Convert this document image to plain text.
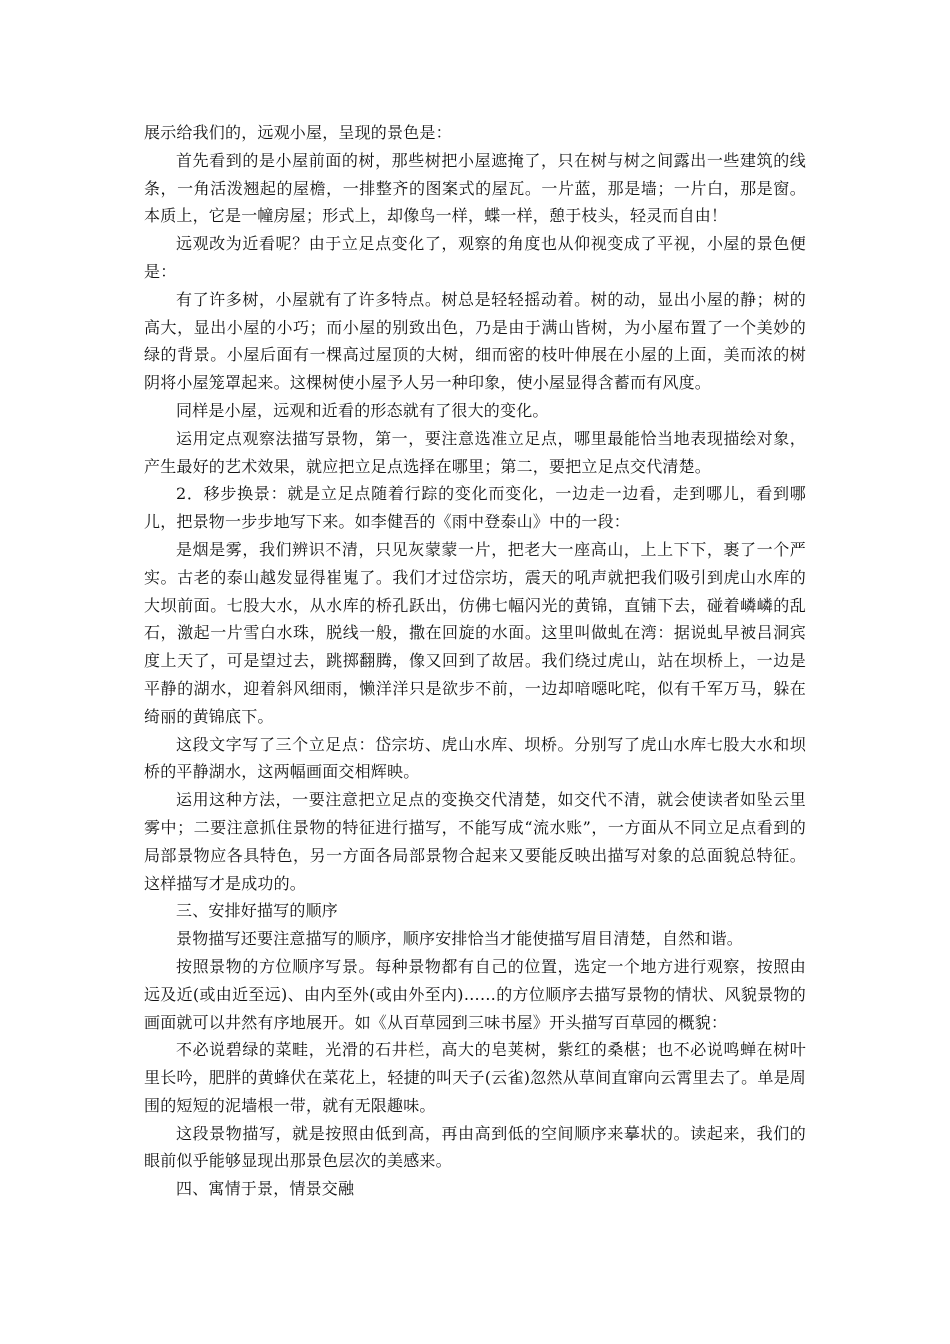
展示给我们的，远观小屋，呈现的景色是：

首先看到的是小屋前面的树，那些树把小屋遮掩了，只在树与树之间露出一些建筑的线条，一角活泼翘起的屋檐，一排整齐的图案式的屋瓦。一片蓝，那是墙；一片白，那是窗。本质上，它是一幢房屋；形式上，却像鸟一样，蝶一样，憩于枝头，轻灵而自由！

远观改为近看呢？由于立足点变化了，观察的角度也从仰视变成了平视，小屋的景色便是：

有了许多树，小屋就有了许多特点。树总是轻轻摇动着。树的动，显出小屋的静；树的高大，显出小屋的小巧；而小屋的别致出色，乃是由于满山皆树，为小屋布置了一个美妙的绿的背景。小屋后面有一棵高过屋顶的大树，细而密的枝叶伸展在小屋的上面，美而浓的树阴将小屋笼罩起来。这棵树使小屋予人另一种印象，使小屋显得含蓄而有风度。

同样是小屋，远观和近看的形态就有了很大的变化。

运用定点观察法描写景物，第一，要注意选准立足点，哪里最能恰当地表现描绘对象，产生最好的艺术效果，就应把立足点选择在哪里；第二，要把立足点交代清楚。

2．移步换景：就是立足点随着行踪的变化而变化，一边走一边看，走到哪儿，看到哪儿，把景物一步步地写下来。如李健吾的《雨中登泰山》中的一段：

是烟是雾，我们辨识不清，只见灰蒙蒙一片，把老大一座高山，上上下下，裹了一个严实。古老的泰山越发显得崔嵬了。我们才过岱宗坊，震天的吼声就把我们吸引到虎山水库的大坝前面。七股大水，从水库的桥孔跃出，仿佛七幅闪光的黄锦，直铺下去，碰着嶙嶙的乱石，激起一片雪白水珠，脱线一般，撒在回旋的水面。这里叫做虬在湾：据说虬早被吕洞宾度上天了，可是望过去，跳掷翻腾，像又回到了故居。我们绕过虎山，站在坝桥上，一边是平静的湖水，迎着斜风细雨，懒洋洋只是欲步不前，一边却喑噁叱咤，似有千军万马，躲在绮丽的黄锦底下。

这段文字写了三个立足点：岱宗坊、虎山水库、坝桥。分别写了虎山水库七股大水和坝桥的平静湖水，这两幅画面交相辉映。

运用这种方法，一要注意把立足点的变换交代清楚，如交代不清，就会使读者如坠云里雾中；二要注意抓住景物的特征进行描写，不能写成“流水账”，一方面从不同立足点看到的局部景物应各具特色，另一方面各局部景物合起来又要能反映出描写对象的总面貌总特征。这样描写才是成功的。

三、安排好描写的顺序

景物描写还要注意描写的顺序，顺序安排恰当才能使描写眉目清楚，自然和谐。

按照景物的方位顺序写景。每种景物都有自己的位置，选定一个地方进行观察，按照由远及近(或由近至远)、由内至外(或由外至内)……的方位顺序去描写景物的情状、风貌景物的画面就可以井然有序地展开。如《从百草园到三味书屋》开头描写百草园的概貌：

不必说碧绿的菜畦，光滑的石井栏，高大的皂荚树，紫红的桑椹；也不必说鸣蝉在树叶里长吟，肥胖的黄蜂伏在菜花上，轻捷的叫天子(云雀)忽然从草间直窜向云霄里去了。单是周围的短短的泥墙根一带，就有无限趣味。

这段景物描写，就是按照由低到高，再由高到低的空间顺序来摹状的。读起来，我们的眼前似乎能够显现出那景色层次的美感来。

四、寓情于景，情景交融
